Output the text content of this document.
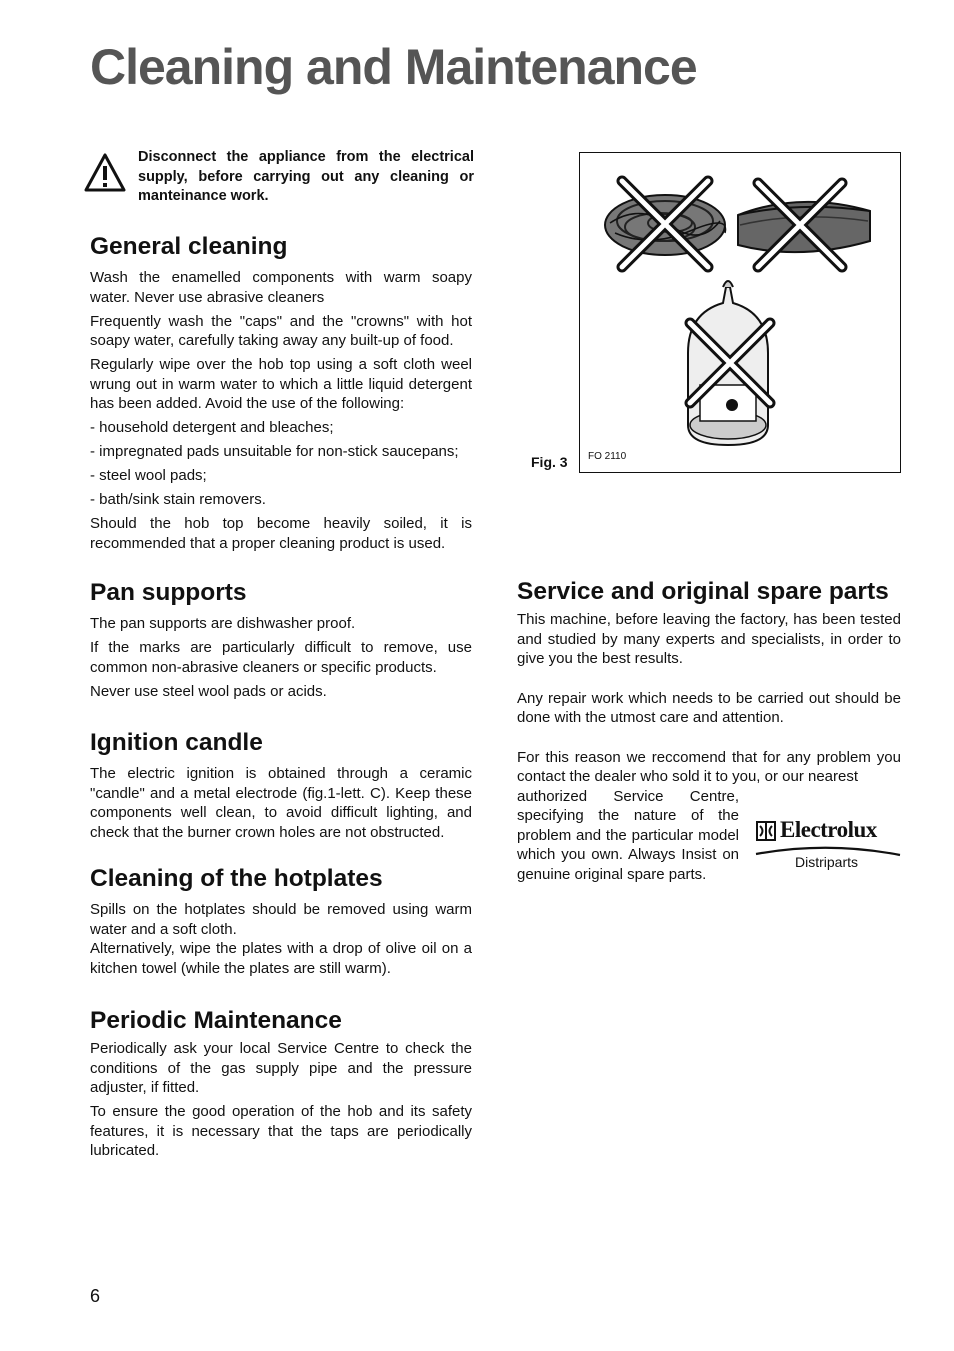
Cleaning and Maintenance
Disconnect the appliance from the electrical supply, before carrying out any cleaning or manteinance work.
General cleaning

Wash the enamelled components with warm soapy water. Never use abrasive cleaners

Frequently wash the "caps" and the "crowns" with hot soapy water, carefully taking away any built-up of food.

Regularly wipe over the hob top using a soft cloth weel wrung out in warm water to which a little liquid detergent has been added. Avoid the use of the following:

- household detergent and bleaches;

- impregnated pads unsuitable for non-stick saucepans;

- steel wool pads;

- bath/sink stain removers.

Should the hob top become heavily soiled, it is recommended that a proper cleaning product is used.

Pan supports

The pan supports are dishwasher proof.

If the marks are particularly difficult to remove, use common non-abrasive cleaners or specific products.

Never use steel wool pads or acids.

Ignition candle

The electric ignition is obtained through a ceramic "candle" and a metal electrode (fig.1-lett. C). Keep these components well clean, to avoid difficult lighting, and check that the burner crown holes are not obstructed.

Cleaning of the hotplates

Spills on the hotplates should be removed using warm water and a soft cloth.

Alternatively, wipe the plates with a drop of olive oil on a kitchen towel (while the plates are still warm).

Periodic Maintenance

Periodically ask your local Service Centre to check the conditions of the gas supply pipe and the pressure adjuster, if fitted.

To ensure the good operation of the hob and its safety features, it is necessary that the taps are periodically lubricated.

FO 2110
Fig. 3
Service and original spare parts

This machine, before leaving the factory, has been tested and studied by many experts and specialists, in order to give you the best results.

Any repair work which needs to be carried out should be done with the utmost care and attention.

For this reason we reccomend that for any problem you contact the dealer who sold it to you, or our nearest

authorized Service Centre, specifying the nature of the problem and the particular model which you own. Always Insist on genuine original spare parts.

Electrolux
Distriparts
6
